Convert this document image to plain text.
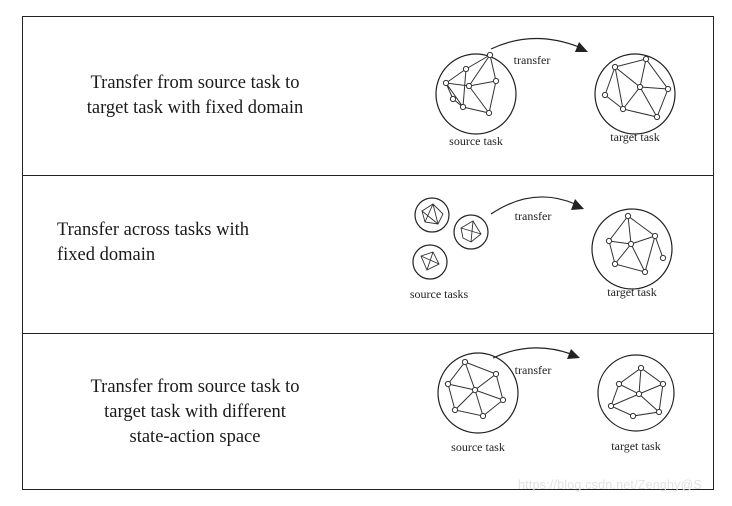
Transfer from source task to
target task with fixed domain
transfer
source task	target task
Transfer across tasks with
fixed domain
transfer
source tasks	target task
Transfer from source task to
target task with different
state-action space
transfer
source task	target task
https://blog.csdn.net/Zenghy@S
